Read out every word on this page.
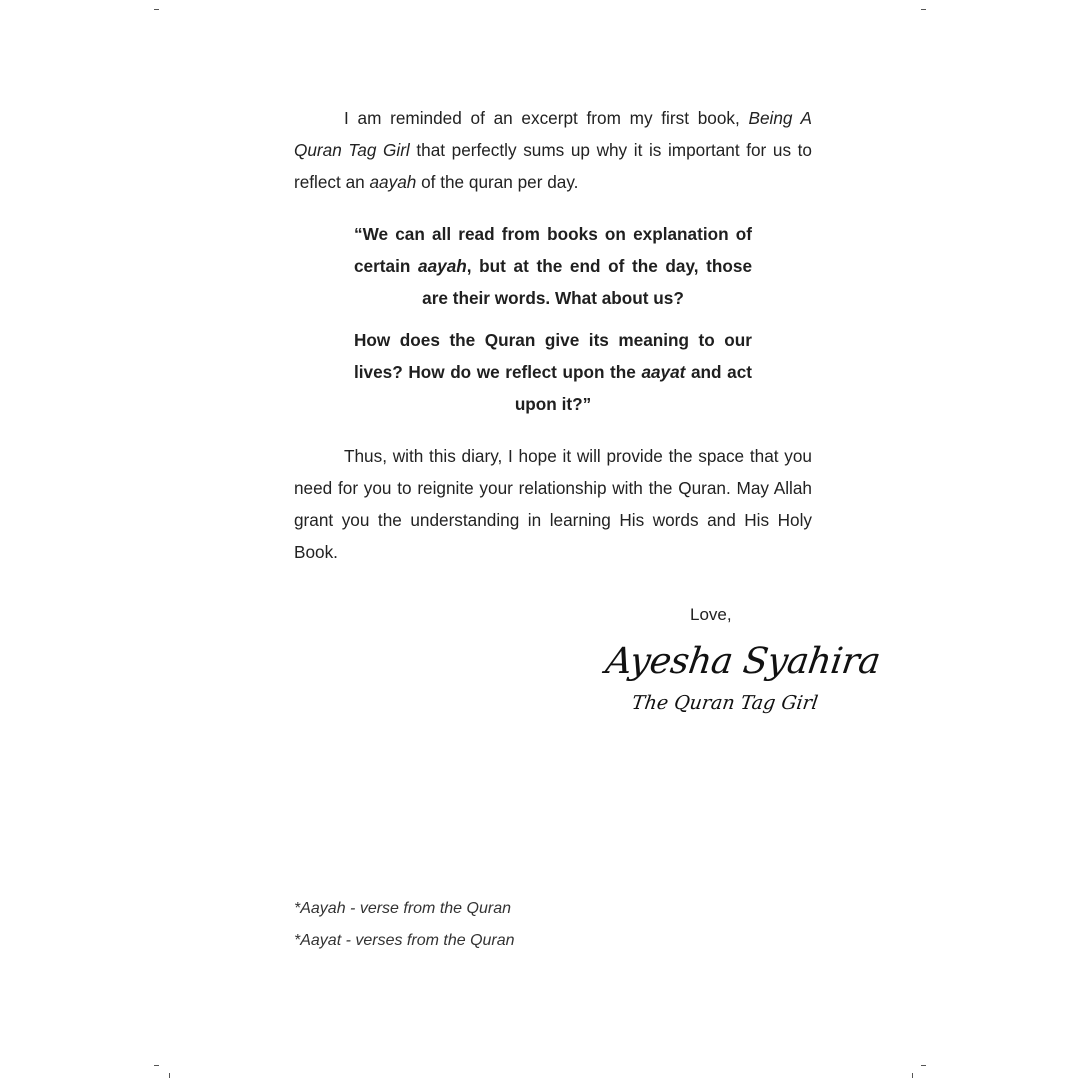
I am reminded of an excerpt from my first book, Being A Quran Tag Girl that perfectly sums up why it is important for us to reflect an aayah of the quran per day.

“We can all read from books on explanation of certain aayah, but at the end of the day, those are their words. What about us?

How does the Quran give its meaning to our lives? How do we reflect upon the aayat and act upon it?”

Thus, with this diary, I hope it will provide the space that you need for you to reignite your relationship with the Quran. May Allah grant you the understanding in learning His words and His Holy Book.

Love,
Ayesha Syahira
The Quran Tag Girl

*Aayah - verse from the Quran

*Aayat - verses from the Quran
